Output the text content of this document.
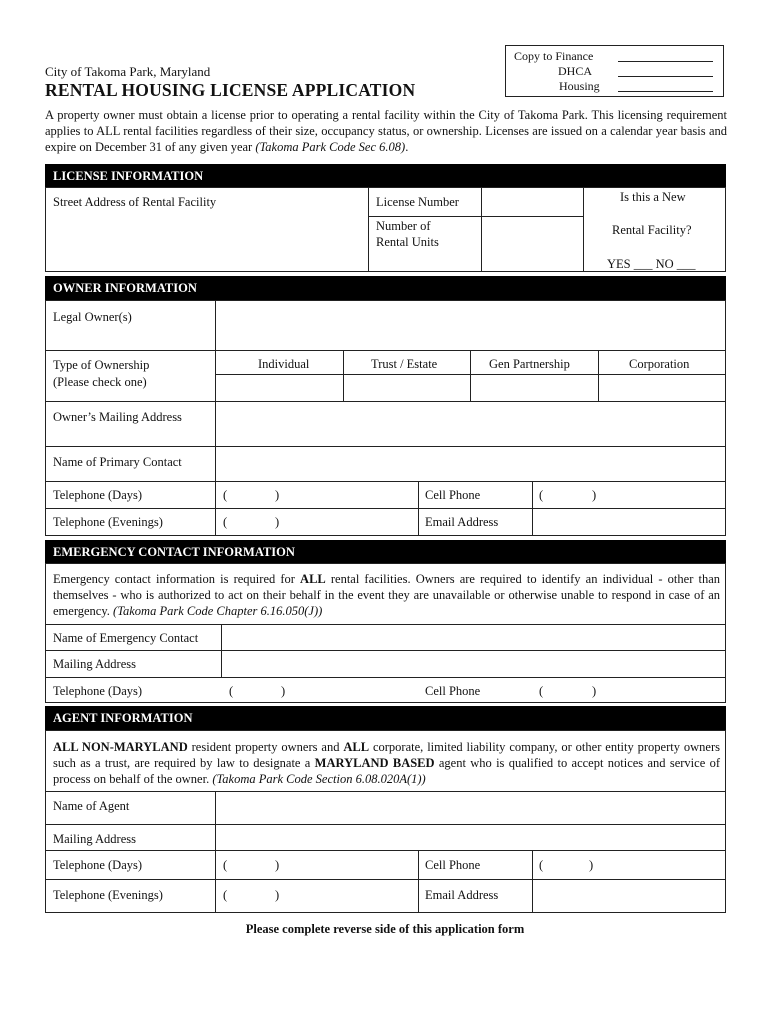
Copy to Finance
DHCA
Housing
City of Takoma Park, Maryland
RENTAL HOUSING LICENSE APPLICATION
A property owner must obtain a license prior to operating a rental facility within the City of Takoma Park. This licensing requirement applies to ALL rental facilities regardless of their size, occupancy status, or ownership. Licenses are issued on a calendar year basis and expire on December 31 of any given year (Takoma Park Code Sec 6.08).
LICENSE INFORMATION
Street Address of Rental Facility	License Number
Number of
Rental Units
Is this a New
Rental Facility?
YES ___ NO ___
OWNER INFORMATION
Legal Owner(s)
Type of Ownership
(Please check one)
Individual	Trust / Estate	Gen Partnership	Corporation
Owner’s Mailing Address
Name of Primary Contact
Telephone (Days)	(	)	Cell Phone	(	)
Telephone (Evenings)	(	)	Email Address
EMERGENCY CONTACT INFORMATION
Emergency contact information is required for ALL rental facilities. Owners are required to identify an individual - other than themselves - who is authorized to act on their behalf in the event they are unavailable or otherwise unable to respond in case of an emergency. (Takoma Park Code Chapter 6.16.050(J))
Name of Emergency Contact
Mailing Address
Telephone (Days)	(	)	Cell Phone	(	)
AGENT INFORMATION
ALL NON-MARYLAND resident property owners and ALL corporate, limited liability company, or other entity property owners such as a trust, are required by law to designate a MARYLAND BASED agent who is qualified to accept notices and service of process on behalf of the owner. (Takoma Park Code Section 6.08.020A(1))
Name of Agent
Mailing Address
Telephone (Days)	(	)	Cell Phone	(	)
Telephone (Evenings)	(	)	Email Address
Please complete reverse side of this application form
